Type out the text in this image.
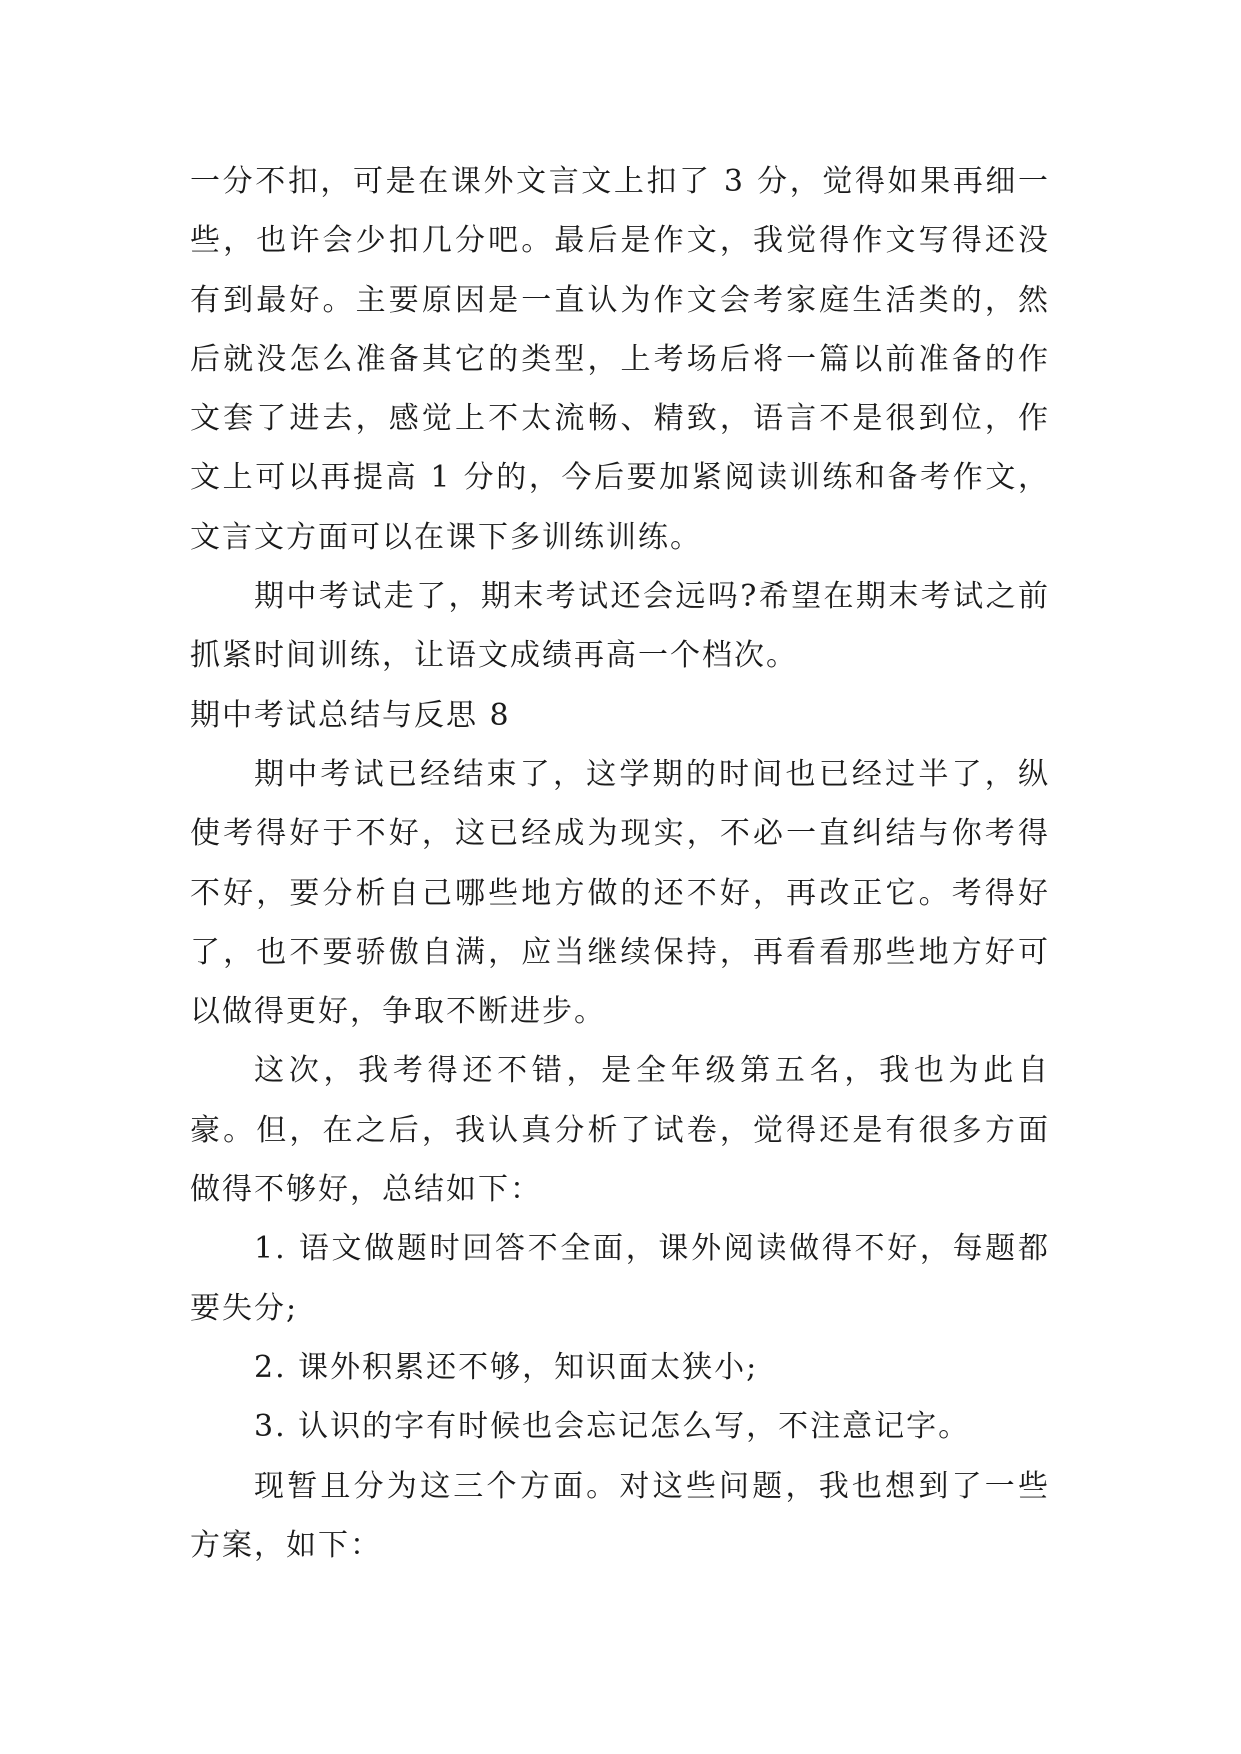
一分不扣，可是在课外文言文上扣了 3 分，觉得如果再细一些，也许会少扣几分吧。最后是作文，我觉得作文写得还没有到最好。主要原因是一直认为作文会考家庭生活类的，然后就没怎么准备其它的类型，上考场后将一篇以前准备的作文套了进去，感觉上不太流畅、精致，语言不是很到位，作文上可以再提高 1 分的，今后要加紧阅读训练和备考作文，文言文方面可以在课下多训练训练。

期中考试走了，期末考试还会远吗?希望在期末考试之前抓紧时间训练，让语文成绩再高一个档次。

期中考试总结与反思 8

期中考试已经结束了，这学期的时间也已经过半了，纵使考得好于不好，这已经成为现实，不必一直纠结与你考得不好，要分析自己哪些地方做的还不好，再改正它。考得好了，也不要骄傲自满，应当继续保持，再看看那些地方好可以做得更好，争取不断进步。

这次，我考得还不错，是全年级第五名，我也为此自豪。但，在之后，我认真分析了试卷，觉得还是有很多方面做得不够好，总结如下：

1. 语文做题时回答不全面，课外阅读做得不好，每题都要失分;

2. 课外积累还不够，知识面太狭小;

3. 认识的字有时候也会忘记怎么写，不注意记字。

现暂且分为这三个方面。对这些问题，我也想到了一些方案，如下：
